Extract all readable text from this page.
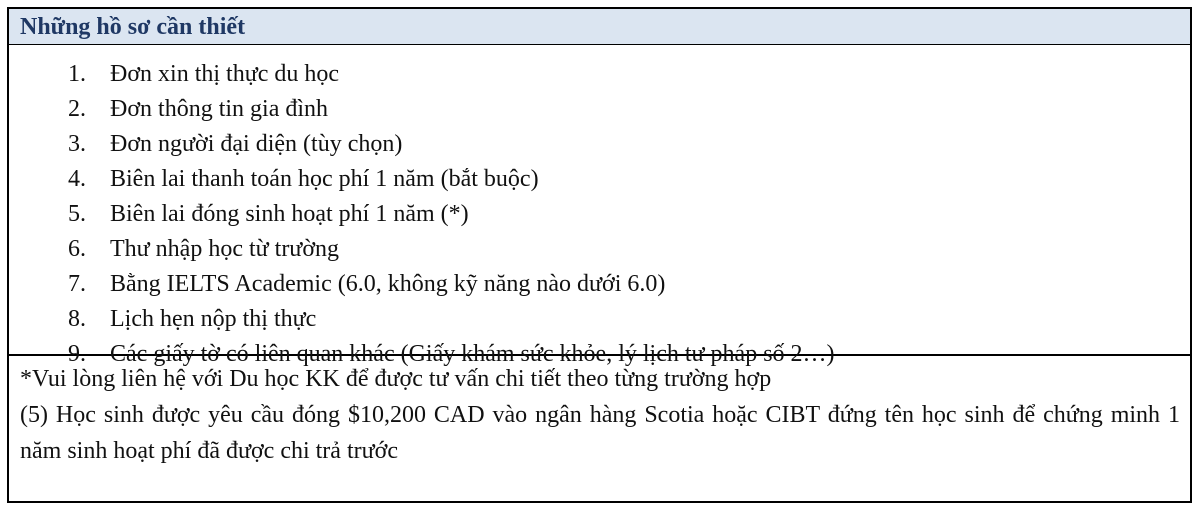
Những hồ sơ cần thiết
1. Đơn xin thị thực du học
2. Đơn thông tin gia đình
3. Đơn người đại diện (tùy chọn)
4. Biên lai thanh toán học phí 1 năm (bắt buộc)
5. Biên lai đóng sinh hoạt phí 1 năm (*)
6. Thư nhập học từ trường
7. Bằng IELTS Academic (6.0, không kỹ năng nào dưới 6.0)
8. Lịch hẹn nộp thị thực
9. Các giấy tờ có liên quan khác (Giấy khám sức khỏe, lý lịch tư pháp số 2…)

*Vui lòng liên hệ với Du học KK để được tư vấn chi tiết theo từng trường hợp

(5) Học sinh được yêu cầu đóng $10,200 CAD vào ngân hàng Scotia hoặc CIBT đứng tên học sinh để chứng minh 1 năm sinh hoạt phí đã được chi trả trước
